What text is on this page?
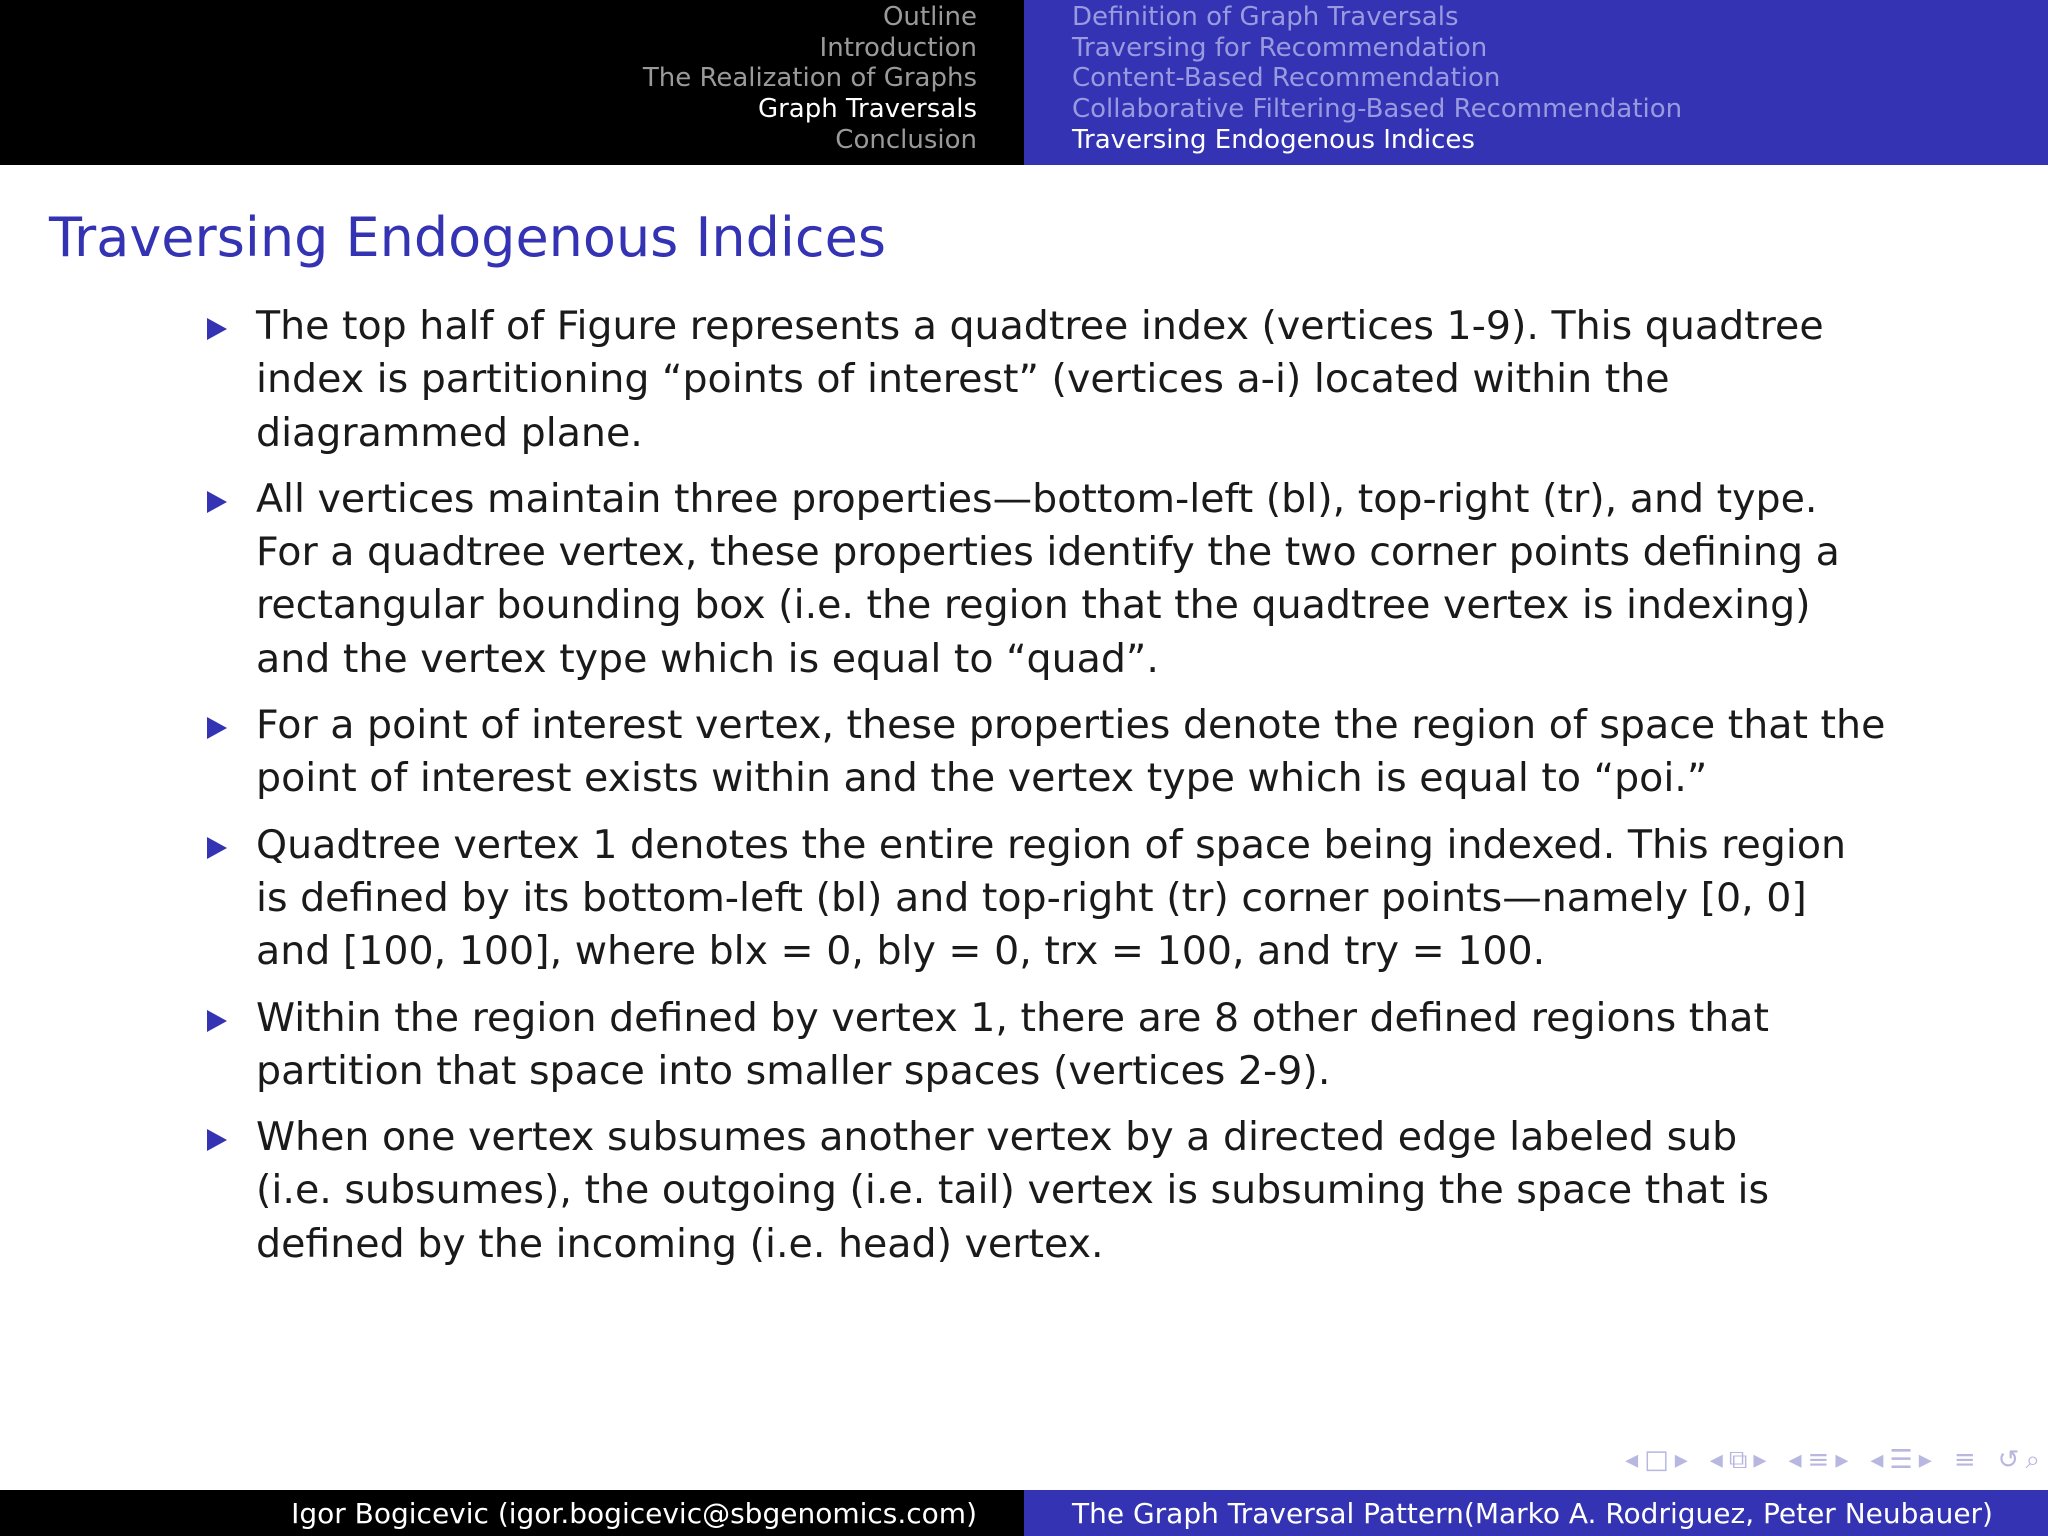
Outline
Introduction
The Realization of Graphs
Graph Traversals
Conclusion
Definition of Graph Traversals
Traversing for Recommendation
Content-Based Recommendation
Collaborative Filtering-Based Recommendation
Traversing Endogenous Indices
Traversing Endogenous Indices
The top half of Figure represents a quadtree index (vertices 1-9). This quadtree
index is partitioning “points of interest” (vertices a-i) located within the
diagrammed plane.
All vertices maintain three properties—bottom-left (bl), top-right (tr), and type.
For a quadtree vertex, these properties identify the two corner points defining a
rectangular bounding box (i.e. the region that the quadtree vertex is indexing)
and the vertex type which is equal to “quad”.
For a point of interest vertex, these properties denote the region of space that the
point of interest exists within and the vertex type which is equal to “poi.”
Quadtree vertex 1 denotes the entire region of space being indexed. This region
is defined by its bottom-left (bl) and top-right (tr) corner points—namely [0, 0]
and [100, 100], where blx = 0, bly = 0, trx = 100, and try = 100.
Within the region defined by vertex 1, there are 8 other defined regions that
partition that space into smaller spaces (vertices 2-9).
When one vertex subsumes another vertex by a directed edge labeled sub
(i.e. subsumes), the outgoing (i.e. tail) vertex is subsuming the space that is
defined by the incoming (i.e. head) vertex.
◂ □ ▸ ◂ ⧉ ▸ ◂ ≡ ▸ ◂ ☰ ▸ ≡ ↺ ⌕
Igor Bogicevic (igor.bogicevic@sbgenomics.com)	The Graph Traversal Pattern(Marko A. Rodriguez, Peter Neubauer)
